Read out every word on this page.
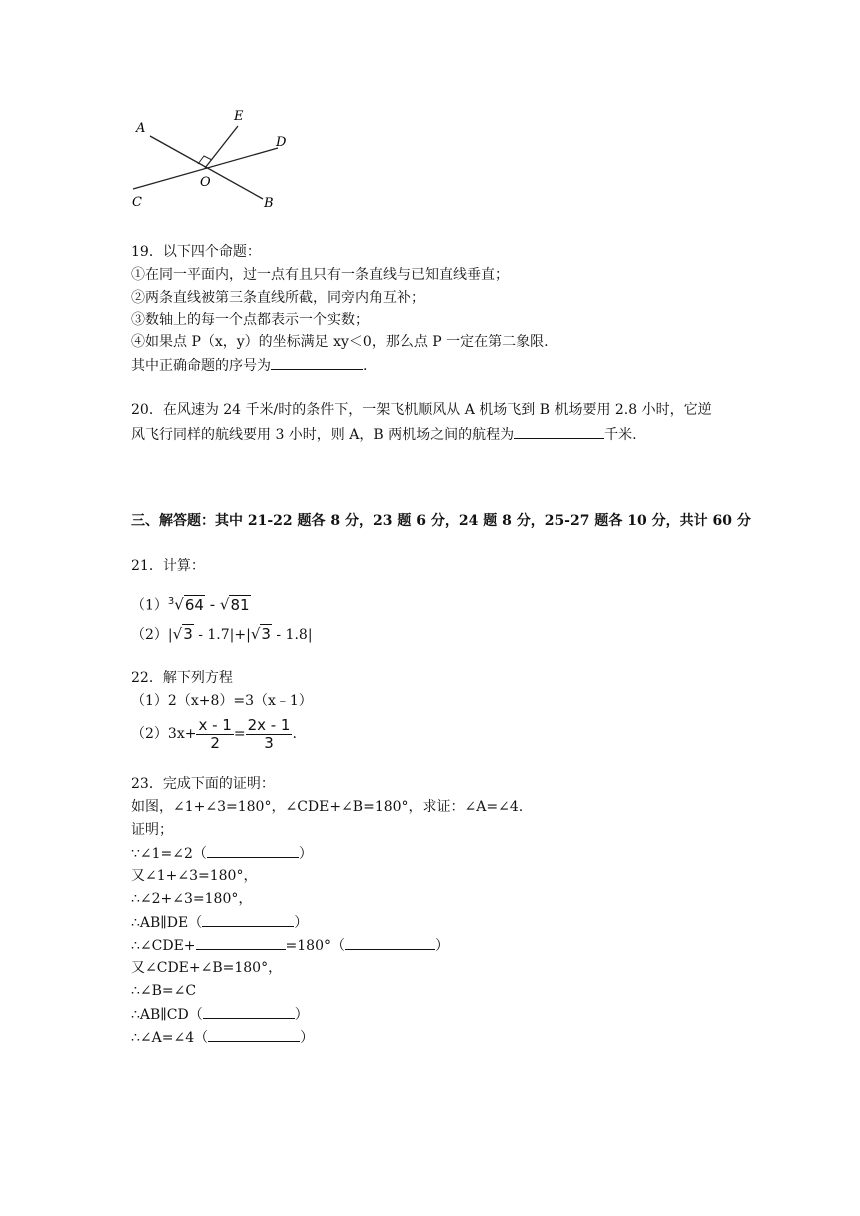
A
E
D
O
C	B
19．以下四个命题：
①在同一平面内，过一点有且只有一条直线与已知直线垂直；
②两条直线被第三条直线所截，同旁内角互补；
③数轴上的每一个点都表示一个实数；
④如果点 P（x，y）的坐标满足 xy＜0，那么点 P 一定在第二象限.
其中正确命题的序号为	.
20．在风速为 24 千米/时的条件下，一架飞机顺风从 A 机场飞到 B 机场要用 2.8 小时，它逆
风飞行同样的航线要用 3 小时，则 A，B 两机场之间的航程为	千米.
三、解答题：其中 21-22 题各 8 分，23 题 6 分，24 题 8 分，25-27 题各 10 分，共计 60 分
21．计算：
$(1)^3√64 - √81$
（2）|√3 - 1.7|+|√3 - 1.8|
22．解下列方程
（1）2（x+8）=3（x﹣1）
$(2)3x+ \frac{x - 1}{2} = \frac{2x - 1}{3}$ .
23．完成下面的证明：
如图，∠1+∠3=180°，∠CDE+∠B=180°，求证：∠A=∠4.
证明；
∵∠1=∠2（	）
又∠1+∠3=180°，
∴∠2+∠3=180°，
∴AB∥DE（	）
∴∠CDE+	=180°（	）
又∠CDE+∠B=180°，
∴∠B=∠C
∴AB∥CD（	）
∴∠A=∠4（	）
